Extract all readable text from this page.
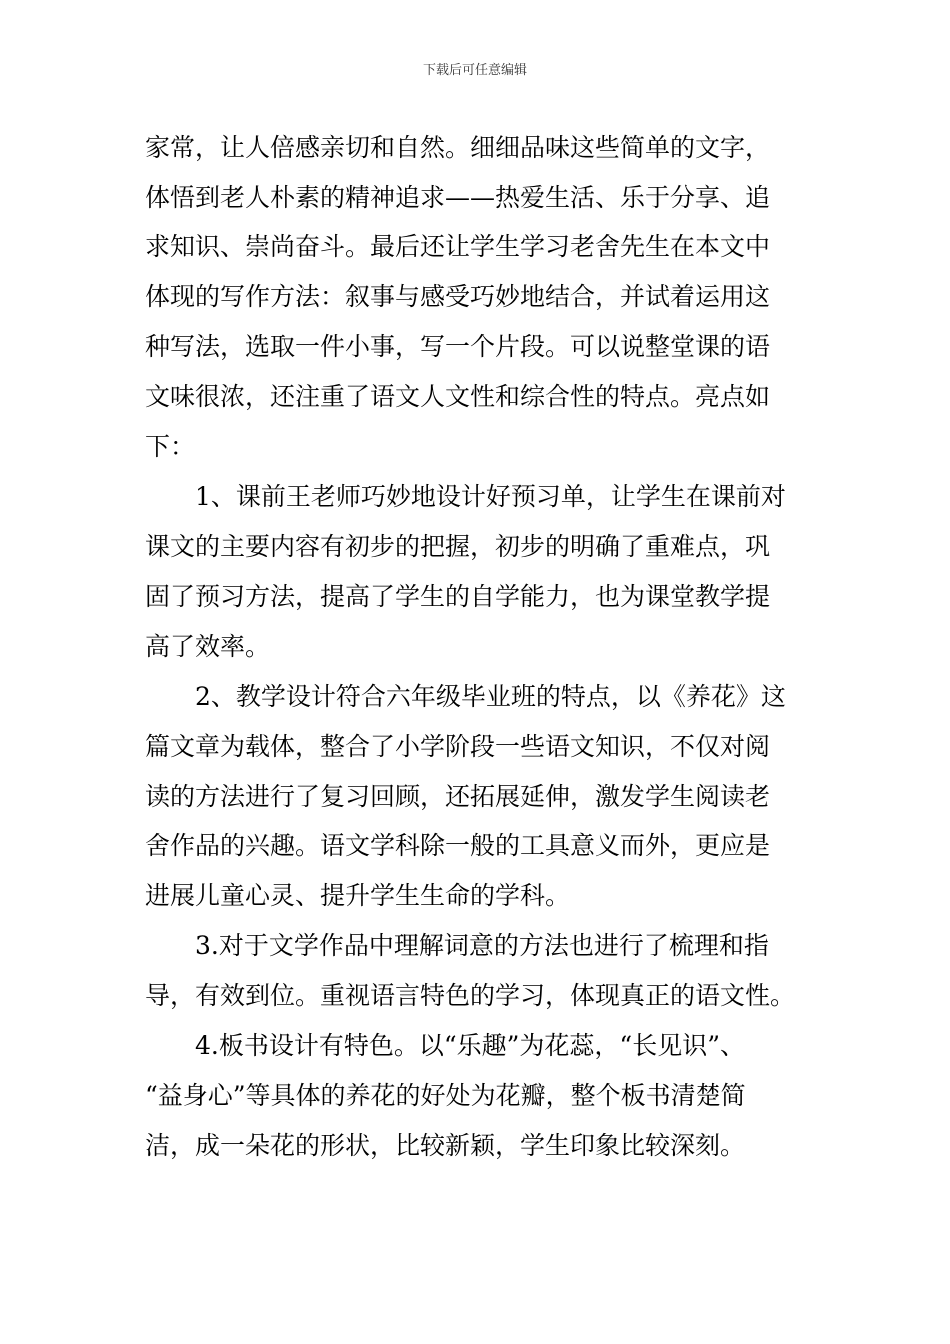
下载后可任意编辑
家常，让人倍感亲切和自然。细细品味这些简单的文字，
体悟到老人朴素的精神追求——热爱生活、乐于分享、追
求知识、崇尚奋斗。最后还让学生学习老舍先生在本文中
体现的写作方法：叙事与感受巧妙地结合，并试着运用这
种写法，选取一件小事，写一个片段。可以说整堂课的语
文味很浓，还注重了语文人文性和综合性的特点。亮点如
下：
1、课前王老师巧妙地设计好预习单，让学生在课前对
课文的主要内容有初步的把握，初步的明确了重难点，巩
固了预习方法，提高了学生的自学能力，也为课堂教学提
高了效率。
2、教学设计符合六年级毕业班的特点，以《养花》这
篇文章为载体，整合了小学阶段一些语文知识，不仅对阅
读的方法进行了复习回顾，还拓展延伸，激发学生阅读老
舍作品的兴趣。语文学科除一般的工具意义而外，更应是
进展儿童心灵、提升学生生命的学科。
3.对于文学作品中理解词意的方法也进行了梳理和指
导，有效到位。重视语言特色的学习，体现真正的语文性。
4.板书设计有特色。以“乐趣”为花蕊，“长见识”、
“益身心”等具体的养花的好处为花瓣，整个板书清楚简
洁，成一朵花的形状，比较新颖，学生印象比较深刻。
